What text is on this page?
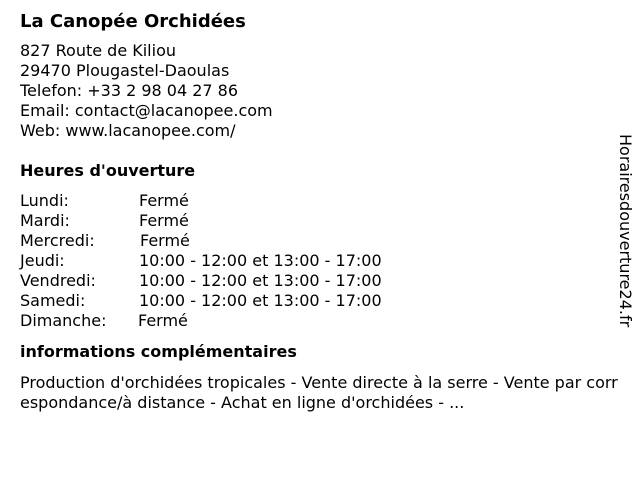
La Canopée Orchidées
827 Route de Kiliou
29470 Plougastel-Daoulas
Telefon: +33 2 98 04 27 86
Email: contact@lacanopee.com
Web: www.lacanopee.com/
Heures d'ouverture
Lundi:	Fermé
Mardi:	Fermé
Mercredi:	Fermé
Jeudi:	10:00 - 12:00 et 13:00 - 17:00
Vendredi:	10:00 - 12:00 et 13:00 - 17:00
Samedi:	10:00 - 12:00 et 13:00 - 17:00
Dimanche:	Fermé
informations complémentaires
Production d'orchidées tropicales - Vente directe à la serre - Vente par correspondance/à distance - Achat en ligne d'orchidées - ...
Horairesdouverture24.fr
